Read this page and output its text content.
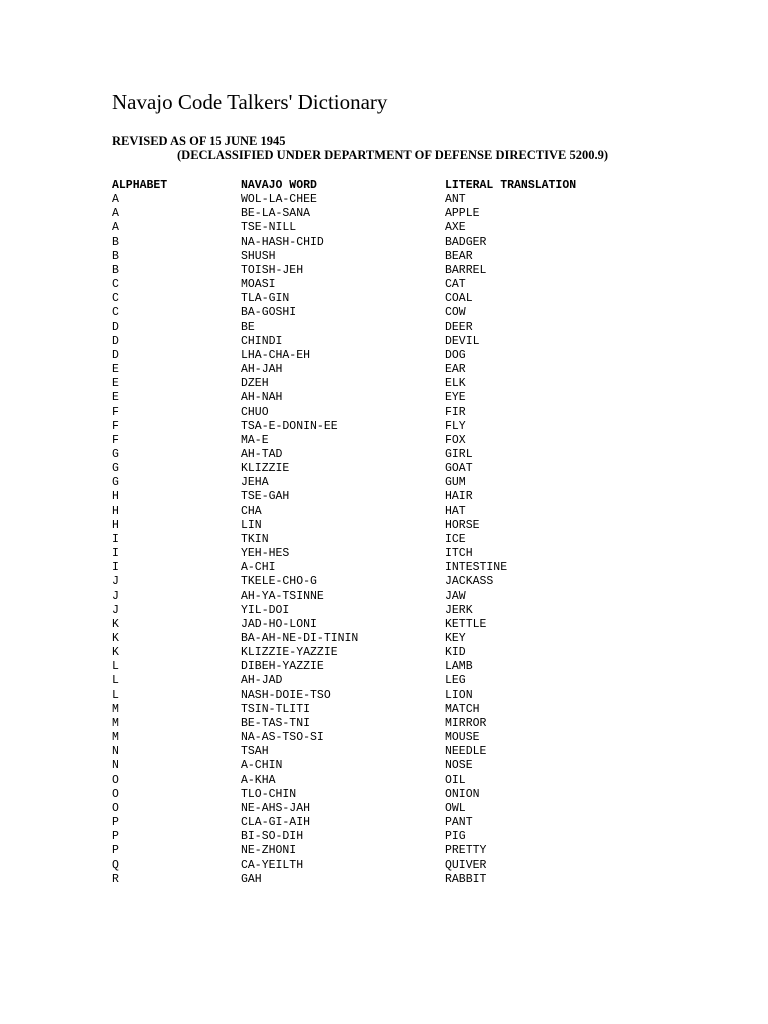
Navajo Code Talkers' Dictionary
REVISED AS OF 15 JUNE 1945
(DECLASSIFIED UNDER DEPARTMENT OF DEFENSE DIRECTIVE 5200.9)
ALPHABET	NAVAJO WORD	LITERAL TRANSLATION
A	WOL-LA-CHEE	ANT
A	BE-LA-SANA	APPLE
A	TSE-NILL	AXE
B	NA-HASH-CHID	BADGER
B	SHUSH	BEAR
B	TOISH-JEH	BARREL
C	MOASI	CAT
C	TLA-GIN	COAL
C	BA-GOSHI	COW
D	BE	DEER
D	CHINDI	DEVIL
D	LHA-CHA-EH	DOG
E	AH-JAH	EAR
E	DZEH	ELK
E	AH-NAH	EYE
F	CHUO	FIR
F	TSA-E-DONIN-EE	FLY
F	MA-E	FOX
G	AH-TAD	GIRL
G	KLIZZIE	GOAT
G	JEHA	GUM
H	TSE-GAH	HAIR
H	CHA	HAT
H	LIN	HORSE
I	TKIN	ICE
I	YEH-HES	ITCH
I	A-CHI	INTESTINE
J	TKELE-CHO-G	JACKASS
J	AH-YA-TSINNE	JAW
J	YIL-DOI	JERK
K	JAD-HO-LONI	KETTLE
K	BA-AH-NE-DI-TININ	KEY
K	KLIZZIE-YAZZIE	KID
L	DIBEH-YAZZIE	LAMB
L	AH-JAD	LEG
L	NASH-DOIE-TSO	LION
M	TSIN-TLITI	MATCH
M	BE-TAS-TNI	MIRROR
M	NA-AS-TSO-SI	MOUSE
N	TSAH	NEEDLE
N	A-CHIN	NOSE
O	A-KHA	OIL
O	TLO-CHIN	ONION
O	NE-AHS-JAH	OWL
P	CLA-GI-AIH	PANT
P	BI-SO-DIH	PIG
P	NE-ZHONI	PRETTY
Q	CA-YEILTH	QUIVER
R	GAH	RABBIT
